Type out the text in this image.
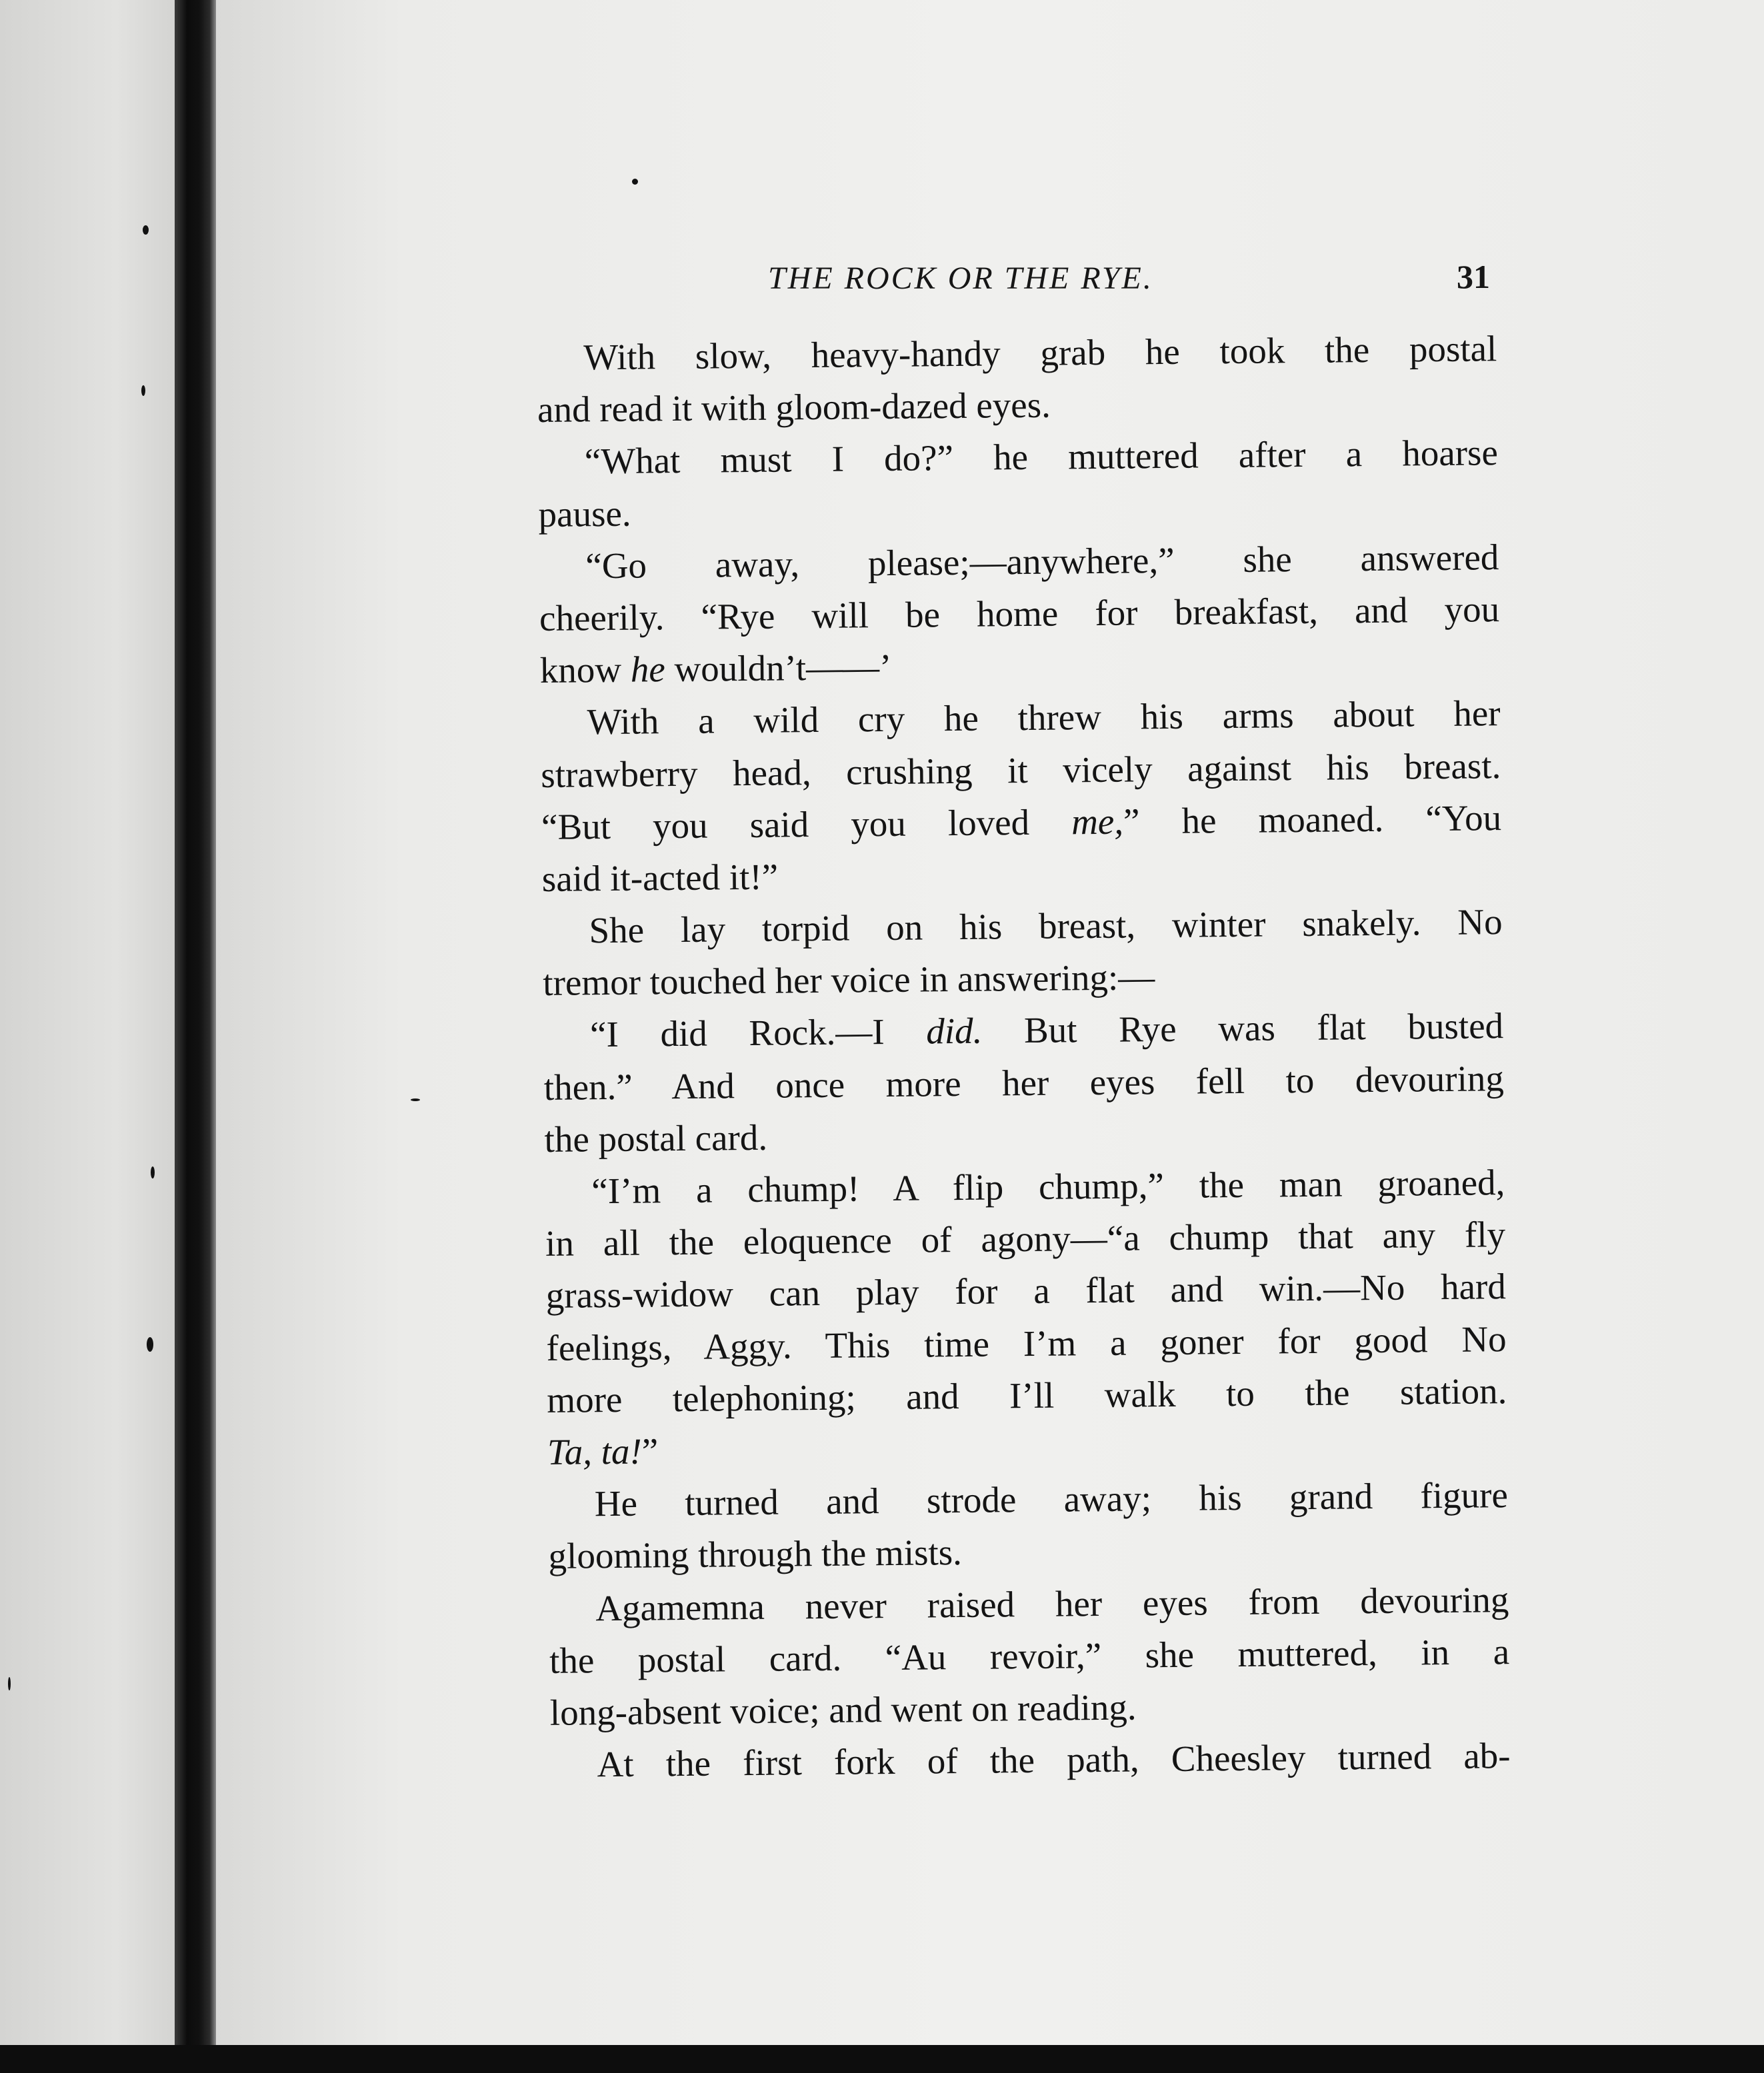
THE ROCK OR THE RYE.	31
With slow, heavy-handy grab he took the postal
and read it with gloom-dazed eyes.
“What must I do?” he muttered after a hoarse
pause.
“Go away, please;—anywhere,” she answered
cheerily. “Rye will be home for breakfast, and you
know he wouldn’t——’
With a wild cry he threw his arms about her
strawberry head, crushing it vicely against his breast.
“But you said you loved me,” he moaned. “You
said it-acted it!”
She lay torpid on his breast, winter snakely. No
tremor touched her voice in answering:—
“I did Rock.—I did. But Rye was flat busted
then.” And once more her eyes fell to devouring
the postal card.
“I’m a chump! A flip chump,” the man groaned,
in all the eloquence of agony—“a chump that any fly
grass-widow can play for a flat and win.—No hard
feelings, Aggy. This time I’m a goner for good No
more telephoning; and I’ll walk to the station.
Ta, ta!”
He turned and strode away; his grand figure
glooming through the mists.
Agamemna never raised her eyes from devouring
the postal card. “Au revoir,” she muttered, in a
long-absent voice; and went on reading.
At the first fork of the path, Cheesley turned ab-
